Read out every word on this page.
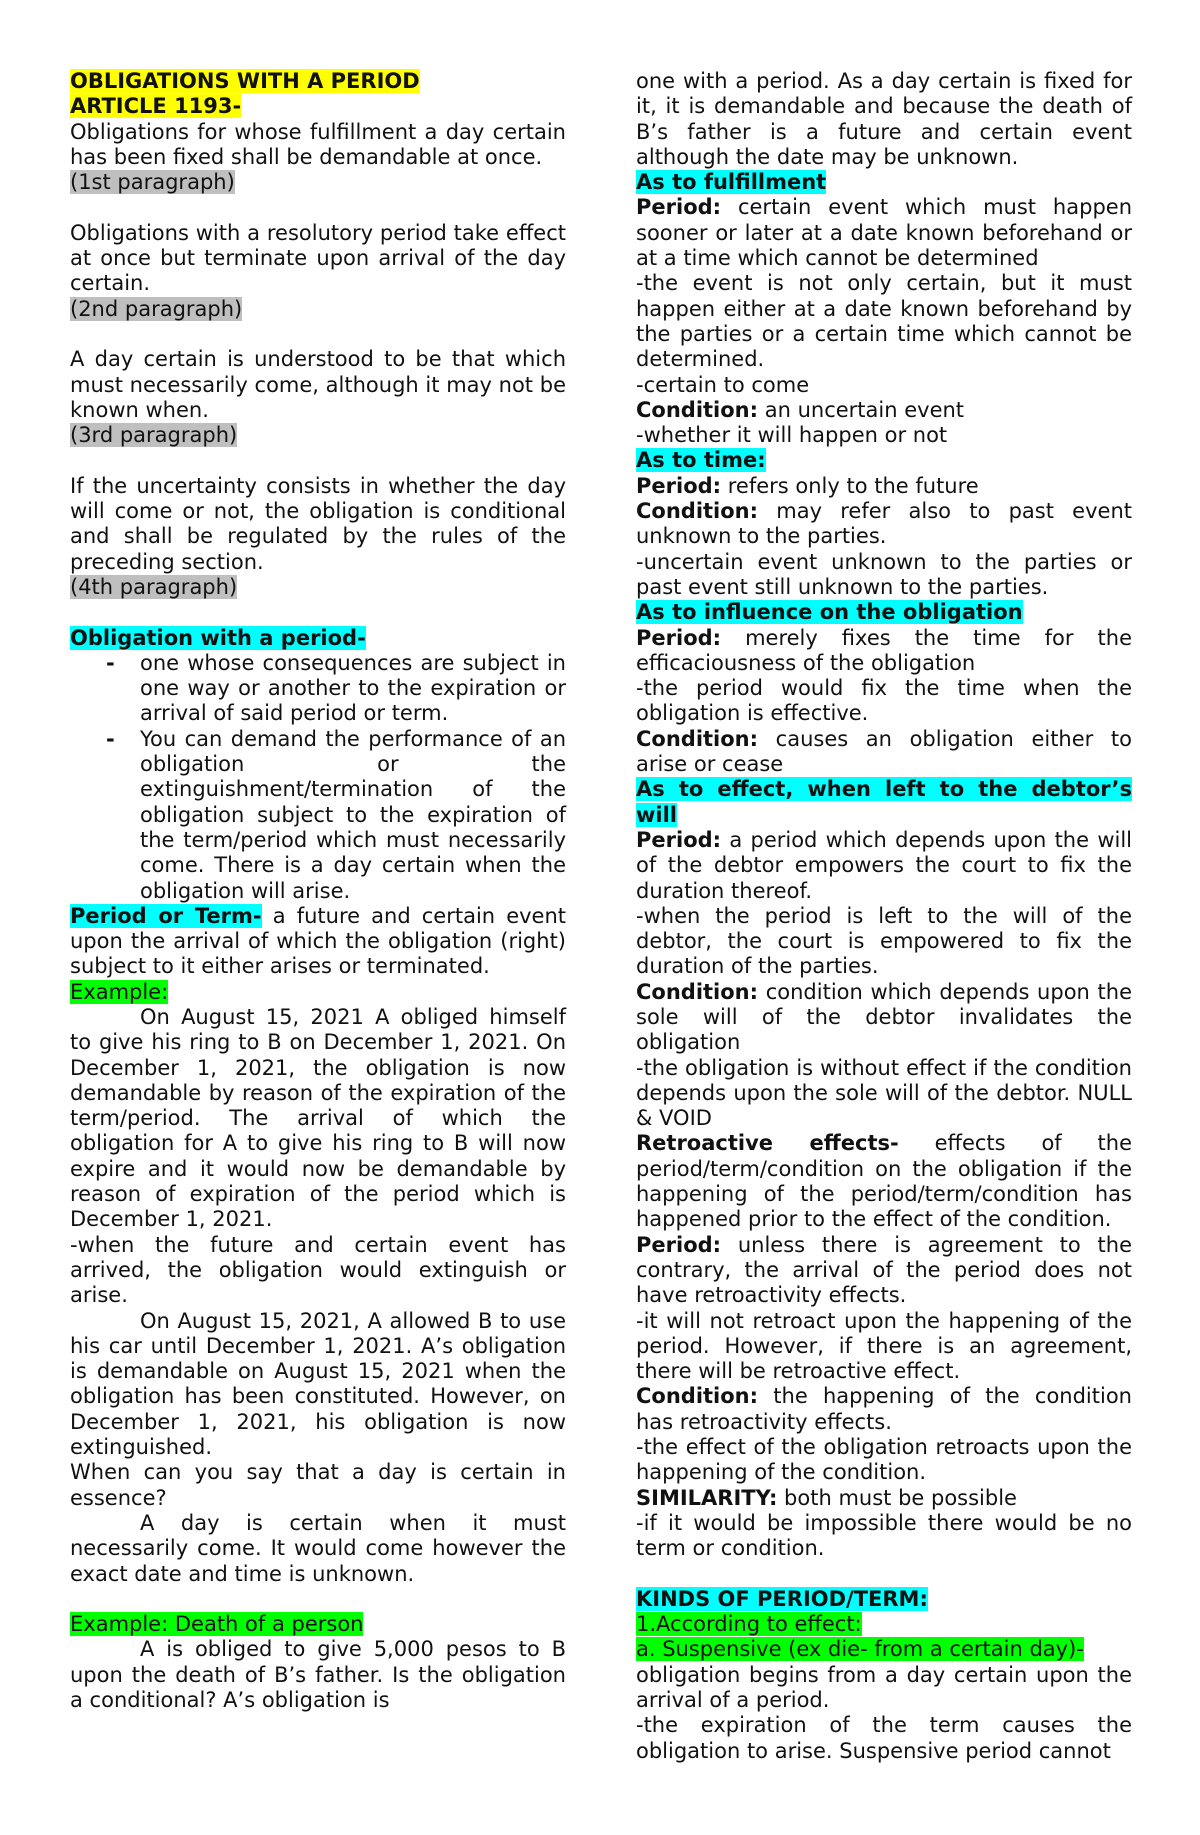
OBLIGATIONS WITH A PERIOD

ARTICLE 1193-

Obligations for whose fulfillment a day certain has been fixed shall be demandable at once.

(1st paragraph)

Obligations with a resolutory period take effect at once but terminate upon arrival of the day certain.

(2nd paragraph)

A day certain is understood to be that which must necessarily come, although it may not be known when.

(3rd paragraph)

If the uncertainty consists in whether the day will come or not, the obligation is conditional and shall be regulated by the rules of the preceding section.

(4th paragraph)

Obligation with a period-

- one whose consequences are subject in one way or another to the expiration or arrival of said period or term.
- You can demand the performance of an obligation or the extinguishment/termination of the obligation subject to the expiration of the term/period which must necessarily come. There is a day certain when the obligation will arise.

Period or Term- a future and certain event upon the arrival of which the obligation (right) subject to it either arises or terminated.

Example:

On August 15, 2021 A obliged himself to give his ring to B on December 1, 2021. On December 1, 2021, the obligation is now demandable by reason of the expiration of the term/period. The arrival of which the obligation for A to give his ring to B will now expire and it would now be demandable by reason of expiration of the period which is December 1, 2021.

-when the future and certain event has arrived, the obligation would extinguish or arise.

On August 15, 2021, A allowed B to use his car until December 1, 2021. A’s obligation is demandable on August 15, 2021 when the obligation has been constituted. However, on December 1, 2021, his obligation is now extinguished.

When can you say that a day is certain in essence?

A day is certain when it must necessarily come. It would come however the exact date and time is unknown.

Example: Death of a person

A is obliged to give 5,000 pesos to B upon the death of B’s father. Is the obligation a conditional? A’s obligation is

one with a period. As a day certain is fixed for it, it is demandable and because the death of B’s father is a future and certain event although the date may be unknown.

As to fulfillment

Period: certain event which must happen sooner or later at a date known beforehand or at a time which cannot be determined

-the event is not only certain, but it must happen either at a date known beforehand by the parties or a certain time which cannot be determined.

-certain to come

Condition: an uncertain event

-whether it will happen or not

As to time:

Period: refers only to the future

Condition: may refer also to past event unknown to the parties.

-uncertain event unknown to the parties or past event still unknown to the parties.

As to influence on the obligation

Period: merely fixes the time for the efficaciousness of the obligation

-the period would fix the time when the obligation is effective.

Condition: causes an obligation either to arise or cease

As to effect, when left to the debtor’s will

Period: a period which depends upon the will of the debtor empowers the court to fix the duration thereof.

-when the period is left to the will of the debtor, the court is empowered to fix the duration of the parties.

Condition: condition which depends upon the sole will of the debtor invalidates the obligation

-the obligation is without effect if the condition depends upon the sole will of the debtor. NULL & VOID

Retroactive effects- effects of the period/term/condition on the obligation if the happening of the period/term/condition has happened prior to the effect of the condition.

Period: unless there is agreement to the contrary, the arrival of the period does not have retroactivity effects.

-it will not retroact upon the happening of the period. However, if there is an agreement, there will be retroactive effect.

Condition: the happening of the condition has retroactivity effects.

-the effect of the obligation retroacts upon the happening of the condition.

SIMILARITY: both must be possible

-if it would be impossible there would be no term or condition.

KINDS OF PERIOD/TERM:

1.According to effect:

a. Suspensive (ex die- from a certain day)-

obligation begins from a day certain upon the arrival of a period.

-the expiration of the term causes the obligation to arise. Suspensive period cannot
